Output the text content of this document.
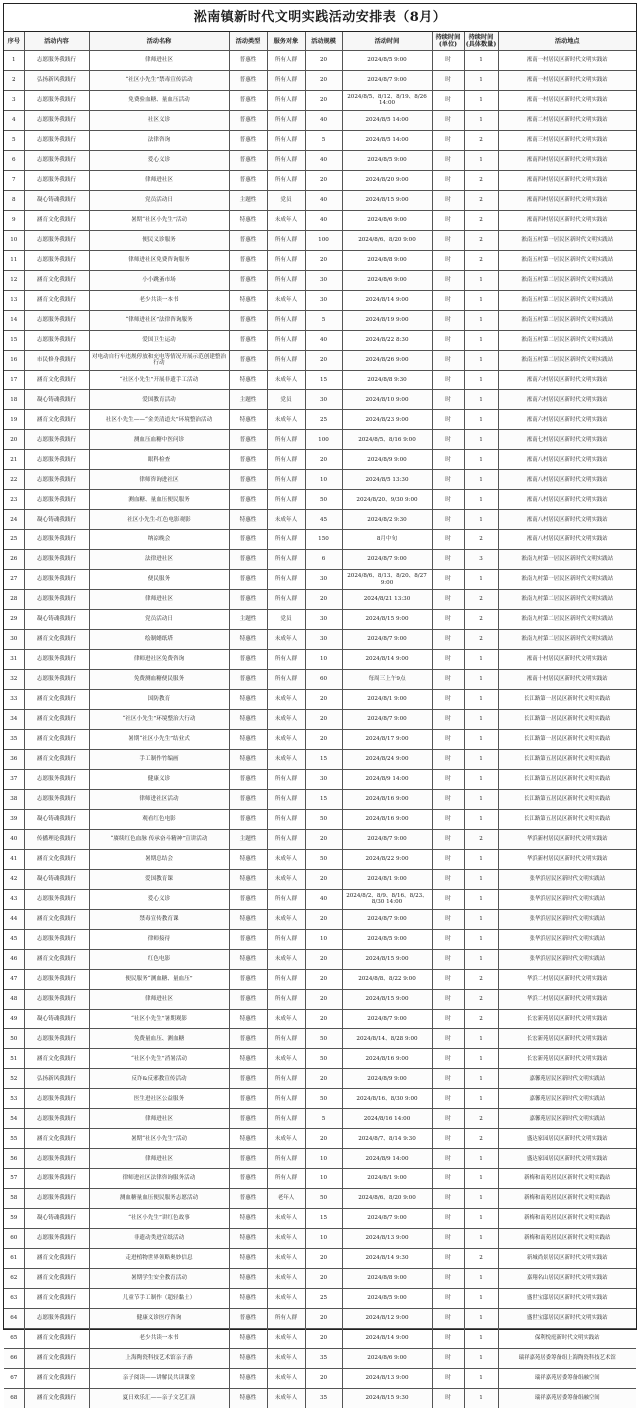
淞南镇新时代文明实践活动安排表（8月）
序号	活动内容	活动名称	活动类型	服务对象	活动规模	活动时间	持续时间(单位)	持续时间(具体数量)	活动地点
1	志愿服务我践行	律师进社区	普惠性	所有人群	20	2024/8/5 9:00	时	1	淞南一村居民区新时代文明实践站
2	弘扬新风我践行	“社区小先生”禁毒宣传活动	普惠性	所有人群	20	2024/8/7 9:00	时	1	淞南一村居民区新时代文明实践站
3	志愿服务我践行	免费验血糖、量血压活动	普惠性	所有人群	20	2024/8/5、8/12、8/19、8/26 14:00	时	1	淞南一村居民区新时代文明实践站
4	志愿服务我践行	社区义诊	普惠性	所有人群	40	2024/8/5 14:00	时	1	淞南二村居民区新时代文明实践站
5	志愿服务我践行	法律咨询	普惠性	所有人群	5	2024/8/5 14:00	时	2	淞南三村居民区新时代文明实践站
6	志愿服务我践行	爱心义诊	普惠性	所有人群	40	2024/8/5 9:00	时	1	淞南四村居民区新时代文明实践站
7	志愿服务我践行	律师进社区	普惠性	所有人群	20	2024/8/20 9:00	时	2	淞南四村居民区新时代文明实践站
8	凝心铸魂我践行	党员活动日	主题性	党员	40	2024/8/15 9:00	时	2	淞南四村居民区新时代文明实践站
9	涵育文化我践行	暑期“社区小先生”活动	特惠性	未成年人	40	2024/8/6 9:00	时	2	淞南四村居民区新时代文明实践站
10	志愿服务我践行	便民义诊服务	普惠性	所有人群	100	2024/8/6、8/20 9:00	时	2	淞南五村第一居民区新时代文明实践站
11	志愿服务我践行	律师进社区免费咨询服务	普惠性	所有人群	20	2024/8/8 9:00	时	2	淞南五村第一居民区新时代文明实践站
12	涵育文化我践行	小小跳蚤市场	普惠性	所有人群	30	2024/8/6 9:00	时	1	淞南五村第二居民区新时代文明实践站
13	涵育文化我践行	老少共读一本书	特惠性	未成年人	30	2024/8/14 9:00	时	1	淞南五村第二居民区新时代文明实践站
14	志愿服务我践行	“律师进社区”法律咨询服务	普惠性	所有人群	5	2024/8/19 9:00	时	1	淞南五村第二居民区新时代文明实践站
15	志愿服务我践行	爱国卫生运动	普惠性	所有人群	40	2024/8/22 8:30	时	1	淞南五村第二居民区新时代文明实践站
16	市民修身我践行	对电动自行车违规停放和充电等情况开展示范创建整治行动	普惠性	所有人群	20	2024/8/26 9:00	时	1	淞南五村第二居民区新时代文明实践站
17	涵育文化我践行	“社区小先生”开展非遗手工活动	特惠性	未成年人	15	2024/8/8 9:30	时	1	淞南六村居民区新时代文明实践站
18	凝心铸魂我践行	爱国教育活动	主题性	党员	30	2024/8/10 9:00	时	1	淞南六村居民区新时代文明实践站
19	涵育文化我践行	社区小先生——“金美清道夫”环境整治活动	特惠性	未成年人	25	2024/8/23 9:00	时	1	淞南六村居民区新时代文明实践站
20	志愿服务我践行	测血压血糖中医问诊	普惠性	所有人群	100	2024/8/5、8/16 9:00	时	1	淞南七村居民区新时代文明实践站
21	志愿服务我践行	眼科检查	普惠性	所有人群	20	2024/8/9 9:00	时	1	淞南八村居民区新时代文明实践站
22	志愿服务我践行	律师咨询进社区	普惠性	所有人群	10	2024/8/5 13:30	时	1	淞南八村居民区新时代文明实践站
23	志愿服务我践行	测血糖、量血压便民服务	普惠性	所有人群	50	2024/8/20、9/30 9:00	时	1	淞南八村居民区新时代文明实践站
24	凝心铸魂我践行	社区小先生-红色电影观影	特惠性	未成年人	45	2024/8/2 9:30	时	1	淞南八村居民区新时代文明实践站
25	志愿服务我践行	纳凉晚会	普惠性	所有人群	150	8月中旬	时	2	淞南八村居民区新时代文明实践站
26	志愿服务我践行	法律进社区	普惠性	所有人群	6	2024/8/7 9:00	时	3	淞南九村第一居民区新时代文明实践站
27	志愿服务我践行	便民服务	普惠性	所有人群	30	2024/8/6、8/13、8/20、8/27 9:00	时	1	淞南九村第一居民区新时代文明实践站
28	志愿服务我践行	律师进社区	普惠性	所有人群	20	2024/8/21 13:30	时	2	淞南九村第二居民区新时代文明实践站
29	凝心铸魂我践行	党员活动日	主题性	党员	30	2024/8/15 9:00	时	2	淞南九村第二居民区新时代文明实践站
30	涵育文化我践行	绘制蜡纸塔	特惠性	未成年人	30	2024/8/7 9:00	时	2	淞南九村第二居民区新时代文明实践站
31	志愿服务我践行	律师进社区免费咨询	普惠性	所有人群	10	2024/8/14 9:00	时	1	淞南十村居民区新时代文明实践站
32	志愿服务我践行	免费测血糖便民服务	普惠性	所有人群	60	每周三上午9点	时	1	淞南十村居民区新时代文明实践站
33	涵育文化我践行	国防教育	特惠性	未成年人	20	2024/8/1 9:00	时	1	长江路第一居民区新时代文明实践站
34	涵育文化我践行	“社区小先生”环境整治大行动	特惠性	未成年人	20	2024/8/7 9:00	时	1	长江路第一居民区新时代文明实践站
35	涵育文化我践行	暑期“社区小先生”结业式	特惠性	未成年人	20	2024/8/17 9:00	时	1	长江路第一居民区新时代文明实践站
36	涵育文化我践行	手工制作竹编画	特惠性	未成年人	15	2024/8/24 9:00	时	1	长江路第五居民区新时代文明实践站
37	志愿服务我践行	健康义诊	普惠性	所有人群	30	2024/8/9 14:00	时	1	长江路第五居民区新时代文明实践站
38	志愿服务我践行	律师进社区活动	普惠性	所有人群	15	2024/8/16 9:00	时	1	长江路第五居民区新时代文明实践站
39	凝心铸魂我践行	观看红色电影	普惠性	所有人群	50	2024/8/16 9:00	时	1	长江路第五居民区新时代文明实践站
40	传播理论我践行	“赓续红色血脉 传承奋斗精神”宣讲活动	主题性	所有人群	20	2024/8/7 9:00	时	2	华浜新村居民区新时代文明实践站
41	涵育文化我践行	暑期总结会	特惠性	未成年人	50	2024/8/22 9:00	时	1	华浜新村居民区新时代文明实践站
42	凝心铸魂我践行	爱国教育课	特惠性	未成年人	20	2024/8/1 9:00	时	1	张华浜居民区新时代文明实践站
43	志愿服务我践行	爱心义诊	普惠性	所有人群	40	2024/8/2、8/9、8/16、8/23、8/30 14:00	时	1	张华浜居民区新时代文明实践站
44	涵育文化我践行	禁毒宣传教育课	特惠性	未成年人	20	2024/8/7 9:00	时	1	张华浜居民区新时代文明实践站
45	志愿服务我践行	律师接待	普惠性	所有人群	10	2024/8/5 9:00	时	1	张华浜居民区新时代文明实践站
46	涵育文化我践行	红色电影	特惠性	未成年人	20	2024/8/15 9:00	时	1	张华浜居民区新时代文明实践站
47	志愿服务我践行	便民服务“测血糖、量血压”	普惠性	所有人群	20	2024/8/8、8/22 9:00	时	2	华浜二村居民区新时代文明实践站
48	志愿服务我践行	律师进社区	普惠性	所有人群	20	2024/8/15 9:00	时	2	华浜二村居民区新时代文明实践站
49	凝心铸魂我践行	“社区小先生”暑期观影	特惠性	未成年人	20	2024/8/7 9:00	时	2	长宏新苑居民区新时代文明实践站
50	志愿服务我践行	免费量血压、测血糖	普惠性	所有人群	50	2024/8/14、8/28 9:00	时	1	长宏新苑居民区新时代文明实践站
51	涵育文化我践行	“社区小先生”消暑活动	特惠性	未成年人	50	2024/8/16 9:00	时	1	长宏新苑居民区新时代文明实践站
52	弘扬新风我践行	反诈&反邪教宣传活动	普惠性	所有人群	20	2024/8/9 9:00	时	1	嘉馨苑居民区新时代文明实践站
53	志愿服务我践行	医生进社区公益服务	普惠性	所有人群	50	2024/8/16、8/30 9:00	时	1	嘉馨苑居民区新时代文明实践站
54	志愿服务我践行	律师进社区	普惠性	所有人群	5	2024/8/16 14:00	时	2	嘉馨苑居民区新时代文明实践站
55	涵育文化我践行	暑期“社区小先生”活动	特惠性	未成年人	20	2024/8/7、8/14 9:30	时	2	盛达家园居民区新时代文明实践站
56	志愿服务我践行	律师进社区	普惠性	所有人群	10	2024/8/9 14:00	时	1	盛达家园居民区新时代文明实践站
57	志愿服务我践行	律师进社区法律咨询服务活动	普惠性	所有人群	10	2024/8/1 9:00	时	1	新梅和南苑居民区新时代文明实践站
58	志愿服务我践行	测血糖量血压便民服务志愿活动	普惠性	老年人	50	2024/8/6、8/20 9:00	时	1	新梅和南苑居民区新时代文明实践站
59	凝心铸魂我践行	“社区小先生”讲红色故事	特惠性	未成年人	15	2024/8/7 9:00	时	1	新梅和南苑居民区新时代文明实践站
60	志愿服务我践行	非遗动类进宣纸活动	特惠性	未成年人	10	2024/8/13 9:00	时	1	新梅和南苑居民区新时代文明实践站
61	涵育文化我践行	走进植物世界领略奥妙信息	特惠性	未成年人	20	2024/8/14 9:30	时	2	新城尚景居民区新时代文明实践站
62	涵育文化我践行	暑期学生安全教育活动	特惠性	未成年人	20	2024/8/8 9:00	时	1	嘉翔名山居民区新时代文明实践站
63	涵育文化我践行	儿童节手工制作（超轻黏土）	特惠性	未成年人	25	2024/8/5 9:00	时	1	盛世宝邸居民区新时代文明实践站
64	志愿服务我践行	健康义诊医疗咨询	普惠性	所有人群	20	2024/8/12 9:00	时	1	盛世宝邸居民区新时代文明实践站
65	涵育文化我践行	老少共读一本书	特惠性	未成年人	20	2024/8/14 9:00	时	1	保利悦庭新时代文明实践站
66	涵育文化我践行	上海陶瓷科技艺术馆亲子游	特惠性	未成年人	35	2024/8/6 9:00	时	1	瑞祥嘉苑居委筹备组上海陶瓷科技艺术馆
67	涵育文化我践行	亲子阅读——讲解民共读课堂	特惠性	未成年人	20	2024/8/13 9:00	时	1	瑞祥嘉苑居委筹备组融空间
68	涵育文化我践行	夏日欢乐汇——亲子文艺汇演	特惠性	未成年人	35	2024/8/15 9:30	时	1	瑞祥嘉苑居委筹备组融空间
